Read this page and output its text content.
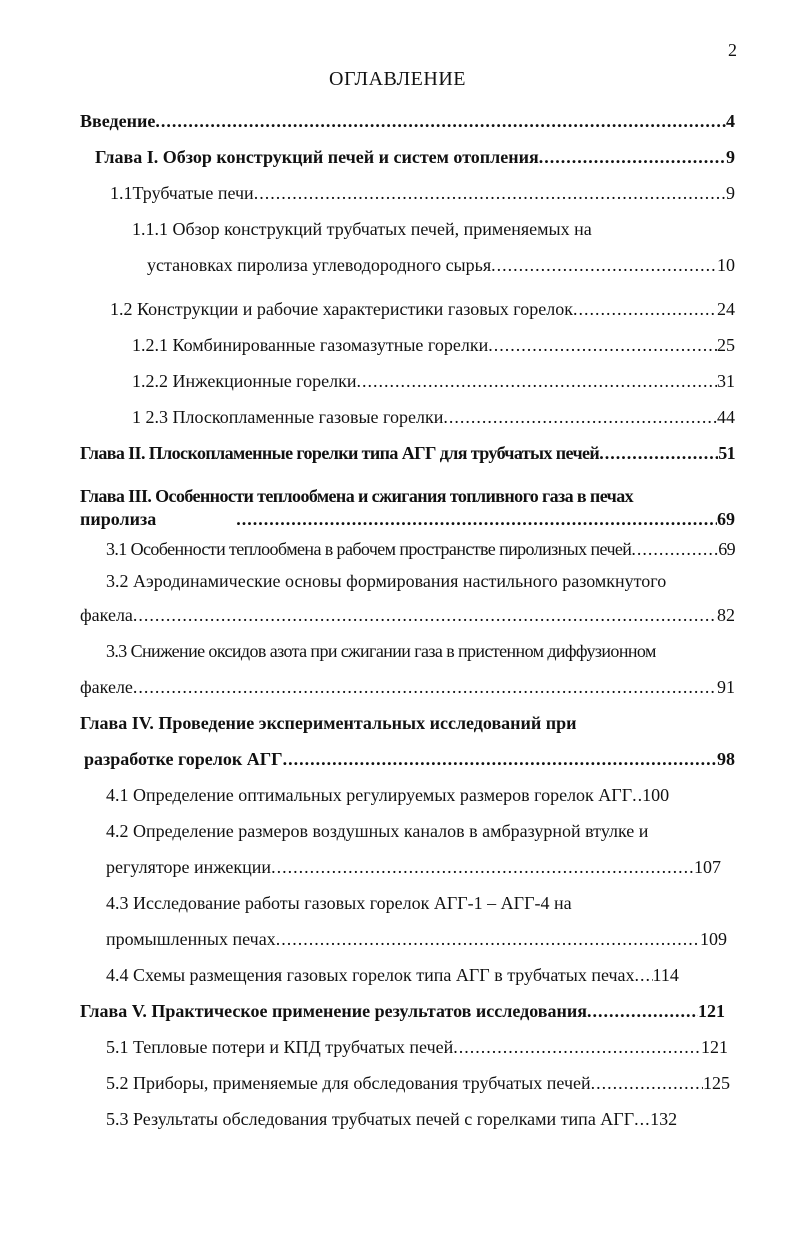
2
ОГЛАВЛЕНИЕ
Введение .....	4
Глава I. Обзор конструкций печей и систем отопления .....	9
1.1Трубчатые печи .....	9
1.1.1 Обзор конструкций трубчатых печей, применяемых на
установках пиролиза углеводородного сырья .....	10
1.2 Конструкции и рабочие характеристики газовых горелок .....	24
1.2.1 Комбинированные газомазутные горелки .....	25
1.2.2 Инжекционные горелки .....	31
1 2.3 Плоскопламенные газовые горелки .....	44
Глава II. Плоскопламенные горелки типа АГГ для трубчатых печей .....	51
Глава III. Особенности теплообмена и сжигания топливного газа в печах
пиролиза .....	69
3.1 Особенности теплообмена в рабочем пространстве пиролизных печей .....	69
3.2 Аэродинамические основы формирования настильного разомкнутого
факела .....	82
3.3 Снижение оксидов азота при сжигании газа в пристенном диффузионном
факеле .....	91
Глава IV. Проведение экспериментальных исследований при
разработке горелок АГГ .....	98
4.1 Определение оптимальных регулируемых размеров горелок АГГ ..... 100
4.2 Определение размеров воздушных каналов в амбразурной втулке и
регуляторе инжекции .....	107
4.3 Исследование работы газовых горелок АГГ-1 – АГГ-4 на
промышленных печах .....	109
4.4 Схемы размещения газовых горелок типа АГГ в трубчатых печах ..... 114
Глава V. Практическое применение результатов исследования .....	121
5.1 Тепловые потери и КПД трубчатых печей .....	121
5.2 Приборы, применяемые для обследования трубчатых печей .....	125
5.3 Результаты обследования трубчатых печей с горелками типа АГГ ..... 132
